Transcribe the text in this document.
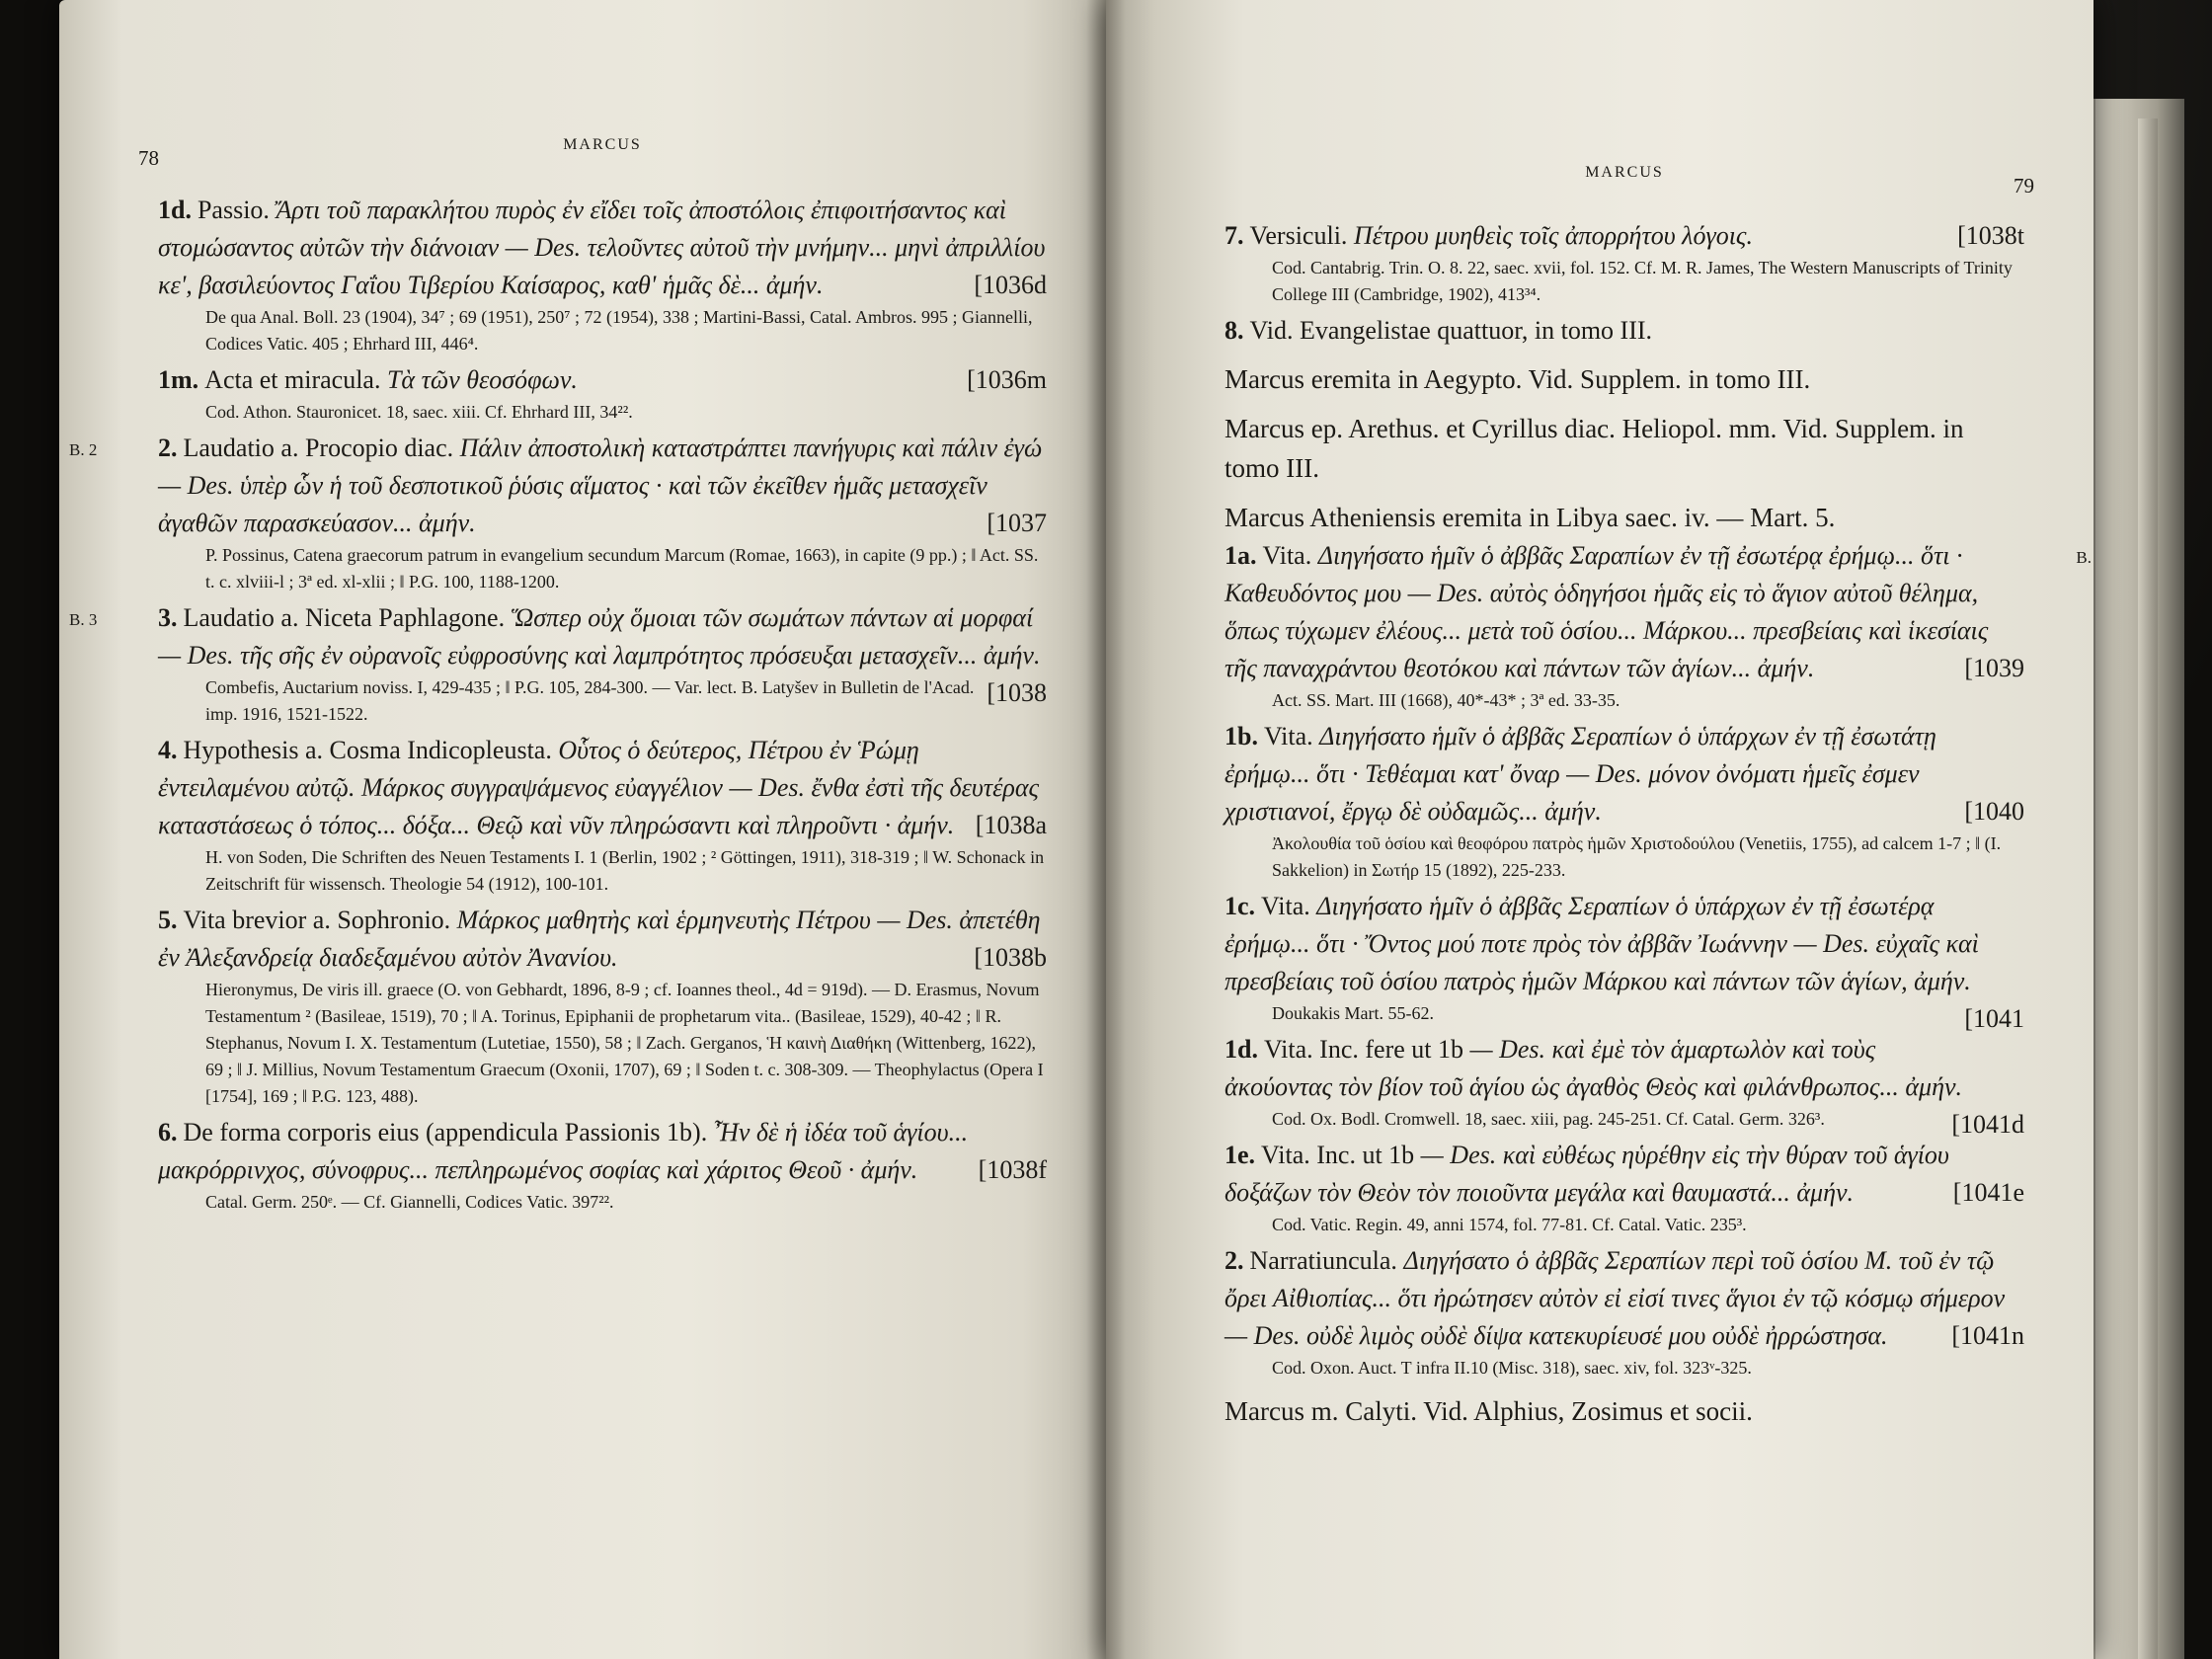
78
MARCUS

1d. Passio. Ἄρτι τοῦ παρακλήτου πυρὸς ἐν εἴδει τοῖς ἀποστόλοις ἐπιφοιτήσαντος καὶ στομώσαντος αὐτῶν τὴν διάνοιαν — Des. τελοῦντες αὐτοῦ τὴν μνήμην... μηνὶ ἀπριλλίου κε', βασιλεύοντος Γαΐου Τιβερίου Καίσαρος, καθ' ἡμᾶς δὲ... ἀμήν.	[1036d

De qua Anal. Boll. 23 (1904), 34⁷ ; 69 (1951), 250⁷ ; 72 (1954), 338 ; Martini-Bassi, Catal. Ambros. 995 ; Giannelli, Codices Vatic. 405 ; Ehrhard III, 446⁴.

1m. Acta et miracula. Τὰ τῶν θεοσόφων.	[1036m

Cod. Athon. Stauronicet. 18, saec. xiii. Cf. Ehrhard III, 34²².

B. 2 2. Laudatio a. Procopio diac. Πάλιν ἀποστολικὴ καταστράπτει πανήγυρις καὶ πάλιν ἐγώ — Des. ὑπὲρ ὧν ἡ τοῦ δεσποτικοῦ ῥύσις αἵματος · καὶ τῶν ἐκεῖθεν ἡμᾶς μετασχεῖν ἀγαθῶν παρασκεύασον... ἀμήν.	[1037

P. Possinus, Catena graecorum patrum in evangelium secundum Marcum (Romae, 1663), in capite (9 pp.) ; ‖ Act. SS. t. c. xlviii-l ; 3ª ed. xl-xlii ; ‖ P.G. 100, 1188-1200.

B. 3 3. Laudatio a. Niceta Paphlagone. Ὥσπερ οὐχ ὅμοιαι τῶν σωμάτων πάντων αἱ μορφαί — Des. τῆς σῆς ἐν οὐρανοῖς εὐφροσύνης καὶ λαμπρότητος πρόσευξαι μετασχεῖν... ἀμήν.
[1038

Combefis, Auctarium noviss. I, 429-435 ; ‖ P.G. 105, 284-300. — Var. lect. B. Latyšev in Bulletin de l'Acad. imp. 1916, 1521-1522.

4. Hypothesis a. Cosma Indicopleusta. Οὗτος ὁ δεύτερος, Πέτρου ἐν Ῥώμῃ ἐντειλαμένου αὐτῷ. Μάρκος συγγραψάμενος εὐαγγέλιον — Des. ἔνθα ἐστὶ τῆς δευτέρας καταστάσεως ὁ τόπος... δόξα... Θεῷ καὶ νῦν πληρώσαντι καὶ πληροῦντι · ἀμήν. [1038a

H. von Soden, Die Schriften des Neuen Testaments I. 1 (Berlin, 1902 ; ² Göttingen, 1911), 318-319 ; ‖ W. Schonack in Zeitschrift für wissensch. Theologie 54 (1912), 100-101.

5. Vita brevior a. Sophronio. Μάρκος μαθητὴς καὶ ἑρμηνευτὴς Πέτρου — Des. ἀπετέθη ἐν Ἀλεξανδρείᾳ διαδεξαμένου αὐτὸν Ἀνανίου.	[1038b

Hieronymus, De viris ill. graece (O. von Gebhardt, 1896, 8-9 ; cf. Ioannes theol., 4d = 919d). — D. Erasmus, Novum Testamentum ² (Basileae, 1519), 70 ; ‖ A. Torinus, Epiphanii de prophetarum vita.. (Basileae, 1529), 40-42 ; ‖ R. Stephanus, Novum I. X. Testamentum (Lutetiae, 1550), 58 ; ‖ Zach. Gerganos, Ἡ καινὴ Διαθήκη (Wittenberg, 1622), 69 ; ‖ J. Millius, Novum Testamentum Graecum (Oxonii, 1707), 69 ; ‖ Soden t. c. 308-309. — Theophylactus (Opera I [1754], 169 ; ‖ P.G. 123, 488).

6. De forma corporis eius (appendicula Passionis 1b). Ἦν δὲ ἡ ἰδέα τοῦ ἁγίου... μακρόρρινχος, σύνοφρυς... πεπληρωμένος σοφίας καὶ χάριτος Θεοῦ · ἀμήν. [1038f

Catal. Germ. 250ᵉ. — Cf. Giannelli, Codices Vatic. 397²².
MARCUS
79

7. Versiculi. Πέτρου μυηθεὶς τοῖς ἀπορρήτου λόγοις.	[1038t

Cod. Cantabrig. Trin. O. 8. 22, saec. xvii, fol. 152. Cf. M. R. James, The Western Manuscripts of Trinity College III (Cambridge, 1902), 413³⁴.

8. Vid. Evangelistae quattuor, in tomo III.

Marcus eremita in Aegypto. Vid. Supplem. in tomo III.

Marcus ep. Arethus. et Cyrillus diac. Heliopol. mm. Vid. Supplem. in tomo III.

Marcus Atheniensis eremita in Libya saec. iv. — Mart. 5.

B.
1a. Vita. Διηγήσατο ἡμῖν ὁ ἀββᾶς Σαραπίων ἐν τῇ ἐσωτέρᾳ ἐρήμῳ... ὅτι · Καθευδόντος μου — Des. αὐτὸς ὁδηγήσοι ἡμᾶς εἰς τὸ ἅγιον αὐτοῦ θέλημα, ὅπως τύχωμεν ἐλέους... μετὰ τοῦ ὁσίου... Μάρκου... πρεσβείαις καὶ ἱκεσίαις τῆς παναχράντου θεοτόκου καὶ πάντων τῶν ἁγίων... ἀμήν.	[1039

Act. SS. Mart. III (1668), 40*-43* ; 3ª ed. 33-35.

1b. Vita. Διηγήσατο ἡμῖν ὁ ἀββᾶς Σεραπίων ὁ ὑπάρχων ἐν τῇ ἐσωτάτῃ ἐρήμῳ... ὅτι · Τεθέαμαι κατ' ὄναρ — Des. μόνον ὀνόματι ἡμεῖς ἐσμεν χριστιανοί, ἔργῳ δὲ οὐδαμῶς... ἀμήν.	[1040

Ἀκολουθία τοῦ ὁσίου καὶ θεοφόρου πατρὸς ἡμῶν Χριστοδούλου (Venetiis, 1755), ad calcem 1-7 ; ‖ (I. Sakkelion) in Σωτήρ 15 (1892), 225-233.

1c. Vita. Διηγήσατο ἡμῖν ὁ ἀββᾶς Σεραπίων ὁ ὑπάρχων ἐν τῇ ἐσωτέρᾳ ἐρήμῳ... ὅτι · Ὄντος μού ποτε πρὸς τὸν ἀββᾶν Ἰωάννην — Des. εὐχαῖς καὶ πρεσβείαις τοῦ ὁσίου πατρὸς ἡμῶν Μάρκου καὶ πάντων τῶν ἁγίων, ἀμήν.
[1041

Doukakis Mart. 55-62.

1d. Vita. Inc. fere ut 1b — Des. καὶ ἐμὲ τὸν ἁμαρτωλὸν καὶ τοὺς ἀκούοντας τὸν βίον τοῦ ἁγίου ὡς ἀγαθὸς Θεὸς καὶ φιλάνθρωπος... ἀμήν.
[1041d

Cod. Ox. Bodl. Cromwell. 18, saec. xiii, pag. 245-251. Cf. Catal. Germ. 326³.

1e. Vita. Inc. ut 1b — Des. καὶ εὐθέως ηὑρέθην εἰς τὴν θύραν τοῦ ἁγίου δοξάζων τὸν Θεὸν τὸν ποιοῦντα μεγάλα καὶ θαυμαστά... ἀμήν.	[1041e

Cod. Vatic. Regin. 49, anni 1574, fol. 77-81. Cf. Catal. Vatic. 235³.

2. Narratiuncula. Διηγήσατο ὁ ἀββᾶς Σεραπίων περὶ τοῦ ὁσίου Μ. τοῦ ἐν τῷ ὄρει Αἰθιοπίας... ὅτι ἠρώτησεν αὐτὸν εἰ εἰσί τινες ἅγιοι ἐν τῷ κόσμῳ σήμερον — Des. οὐδὲ λιμὸς οὐδὲ δίψα κατεκυρίευσέ μου οὐδὲ ἠρρώστησα. [1041n

Cod. Oxon. Auct. T infra II.10 (Misc. 318), saec. xiv, fol. 323ᵛ-325.

Marcus m. Calyti. Vid. Alphius, Zosimus et socii.
